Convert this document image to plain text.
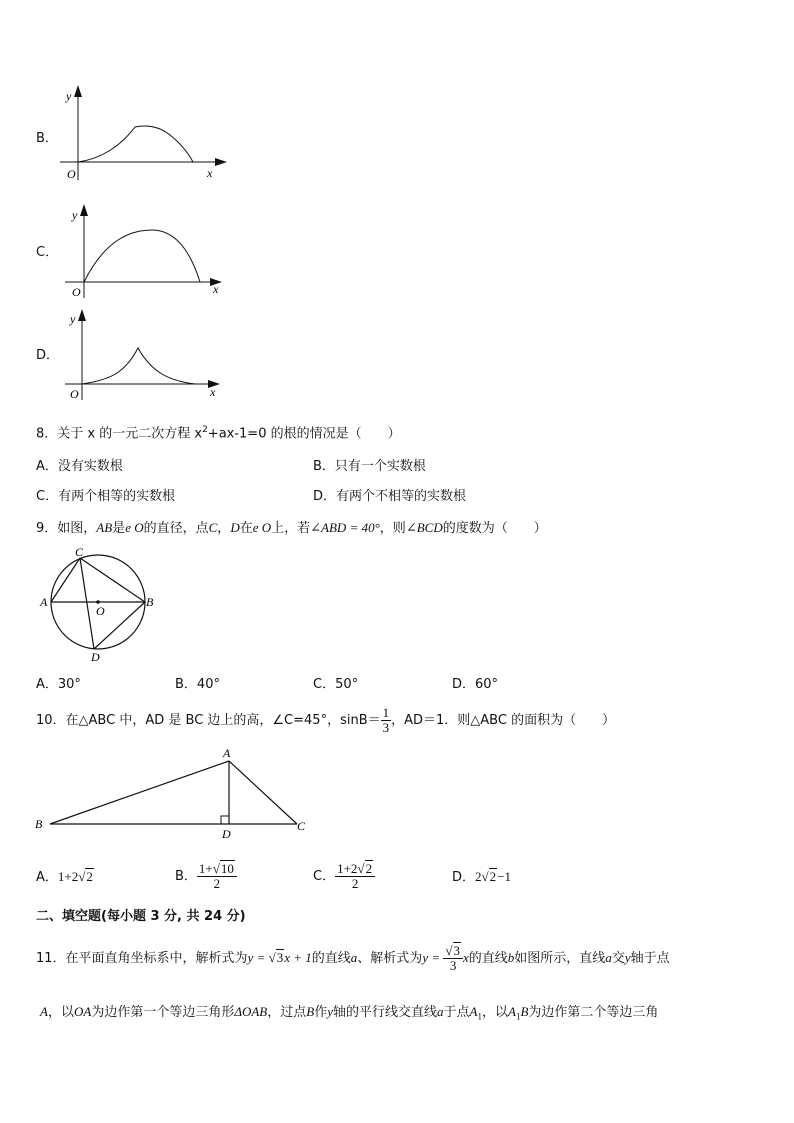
B．
y
x
O
C．
y
x
O
D．
y
x
O
8．关于 x 的一元二次方程 $x^2+ax-1=0$ 的根的情况是（　　）
A．没有实数根	B．只有一个实数根
C．有两个相等的实数根	D．有两个不相等的实数根
9．如图，AB是e O的直径，点C，D在e O上，若∠ABD = 40°，则∠BCD的度数为（　　）
A	B
C
D
O
A．30°	B．40°	C．50°	D．60°
10．在△ABC 中，AD 是 BC 边上的高，∠C=45°，$\sin B= \frac{1}{3}$ ，AD＝1．则△ABC 的面积为（　　）
B	C
A
D
A．1+2√2	B． $\frac{1+√10}{2}$	C． $\frac{1+2√2}{2}$	D．2√2−1
二、填空题(每小题 3 分, 共 24 分)
11．在平面直角坐标系中，解析式为y = √3x + 1的直线a、解析式为$y = \frac{√3}{3}$ x的直线b如图所示，直线a交y轴于点
A，以OA为边作第一个等边三角形ΔOAB，过点B作y轴的平行线交直线a于点$A_1$，以$A_1B$为边作第二个等边三角
